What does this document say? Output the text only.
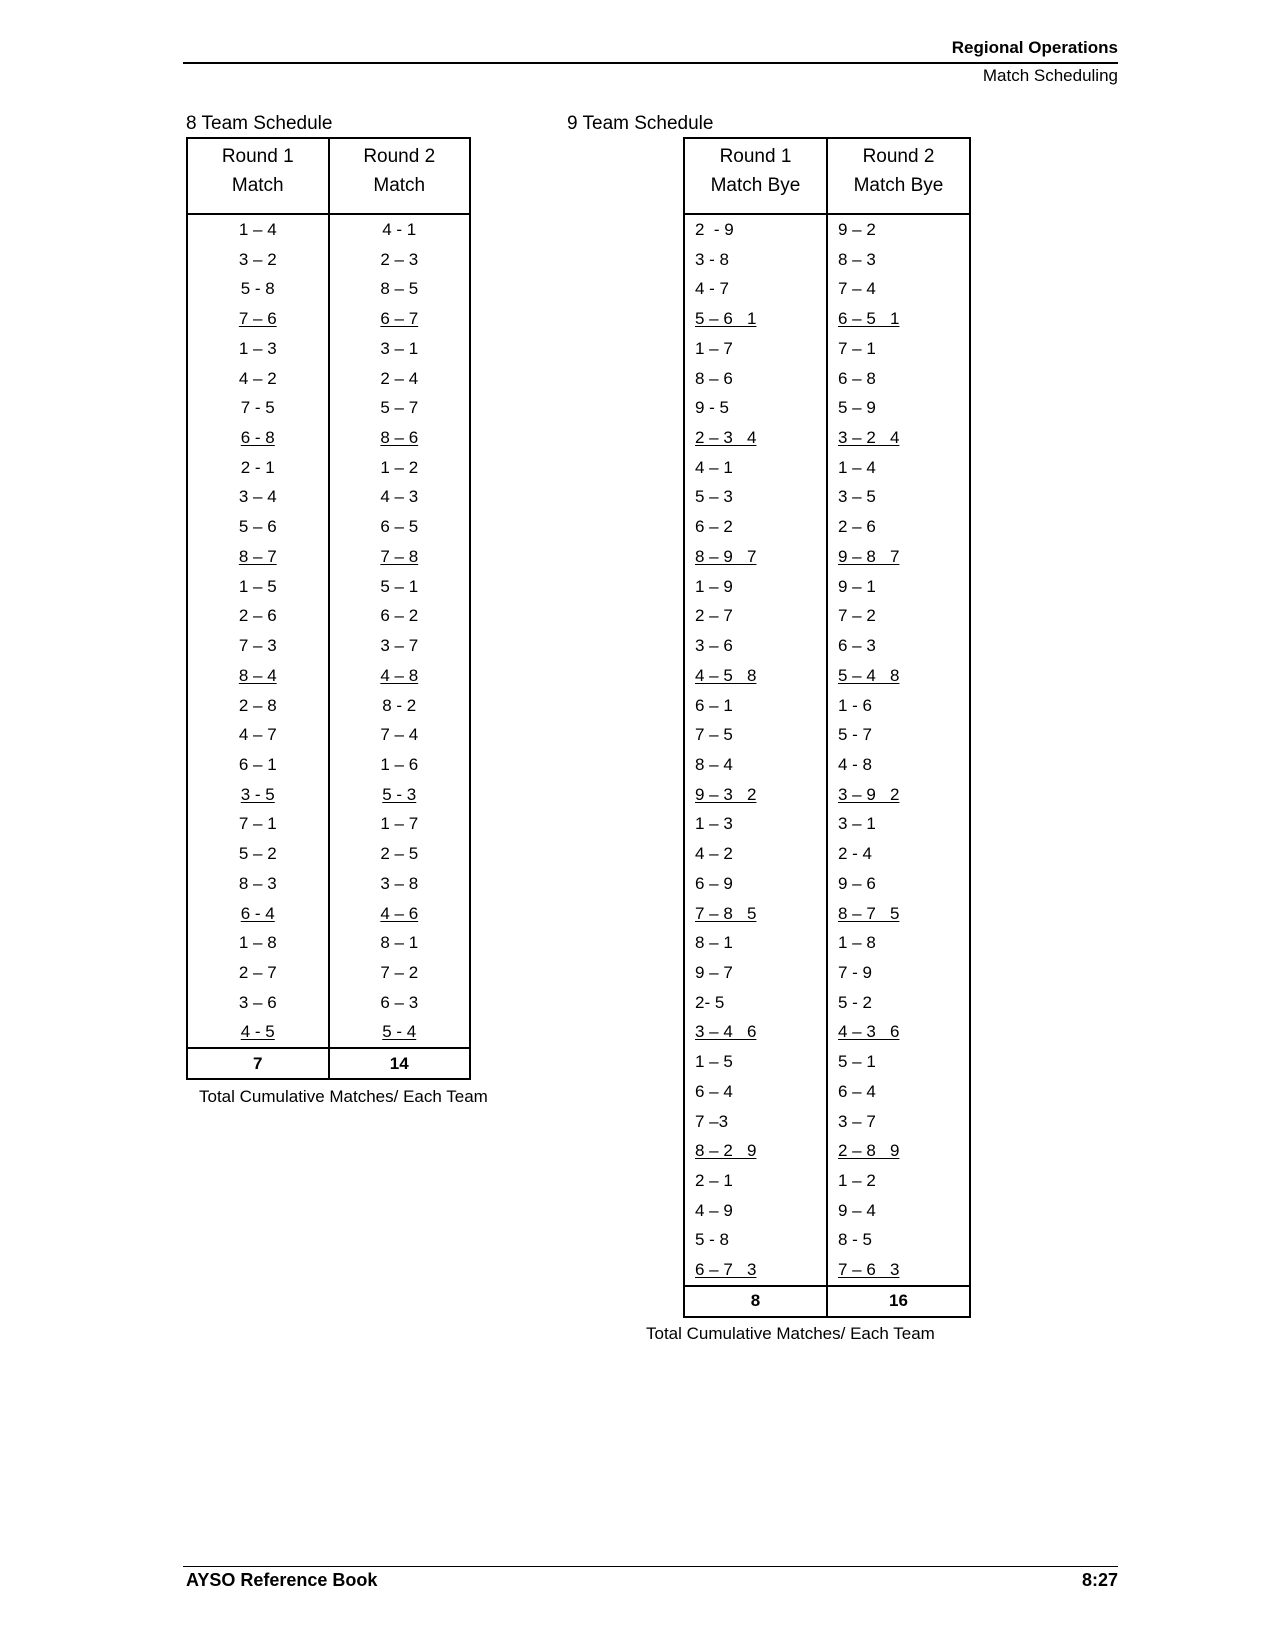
Regional Operations
Match Scheduling
8 Team Schedule
Round 1	Round 2
Match	Match
1 – 4	4 - 1
3 – 2	2 – 3
5 - 8	8 – 5
7 – 6	6 – 7
1 – 3	3 – 1
4 – 2	2 – 4
7 - 5	5 – 7
6 - 8	8 – 6
2 - 1	1 – 2
3 – 4	4 – 3
5 – 6	6 – 5
8 – 7	7 – 8
1 – 5	5 – 1
2 – 6	6 – 2
7 – 3	3 – 7
8 – 4	4 – 8
2 – 8	8 - 2
4 – 7	7 – 4
6 – 1	1 – 6
3 - 5	5 - 3
7 – 1	1 – 7
5 – 2	2 – 5
8 – 3	3 – 8
6 - 4	4 – 6
1 – 8	8 – 1
2 – 7	7 – 2
3 – 6	6 – 3
4 - 5	5 - 4
7	14
Total Cumulative Matches/ Each Team
9 Team Schedule
Round 1	Round 2
Match Bye	Match Bye
2  - 9	9 – 2
3 - 8	8 – 3
4 - 7	7 – 4
5 – 6   1	6 – 5   1
1 – 7	7 – 1
8 – 6	6 – 8
9 - 5	5 – 9
2 – 3   4	3 – 2   4
4 – 1	1 – 4
5 – 3	3 – 5
6 – 2	2 – 6
8 – 9   7	9 – 8   7
1 – 9	9 – 1
2 – 7	7 – 2
3 – 6	6 – 3
4 – 5   8	5 – 4   8
6 – 1	1 - 6
7 – 5	5 - 7
8 – 4	4 - 8
9 – 3   2	3 – 9   2
1 – 3	3 – 1
4 – 2	2 - 4
6 – 9	9 – 6
7 – 8   5	8 – 7   5
8 – 1	1 – 8
9 – 7	7 - 9
2- 5	5 - 2
3 – 4   6	4 – 3   6
1 – 5	5 – 1
6 – 4	6 – 4
7 –3	3 – 7
8 – 2   9	2 – 8   9
2 – 1	1 – 2
4 – 9	9 – 4
5 - 8	8 - 5
6 – 7   3	7 – 6   3
8	16
Total Cumulative Matches/ Each Team
AYSO Reference Book	8:27
